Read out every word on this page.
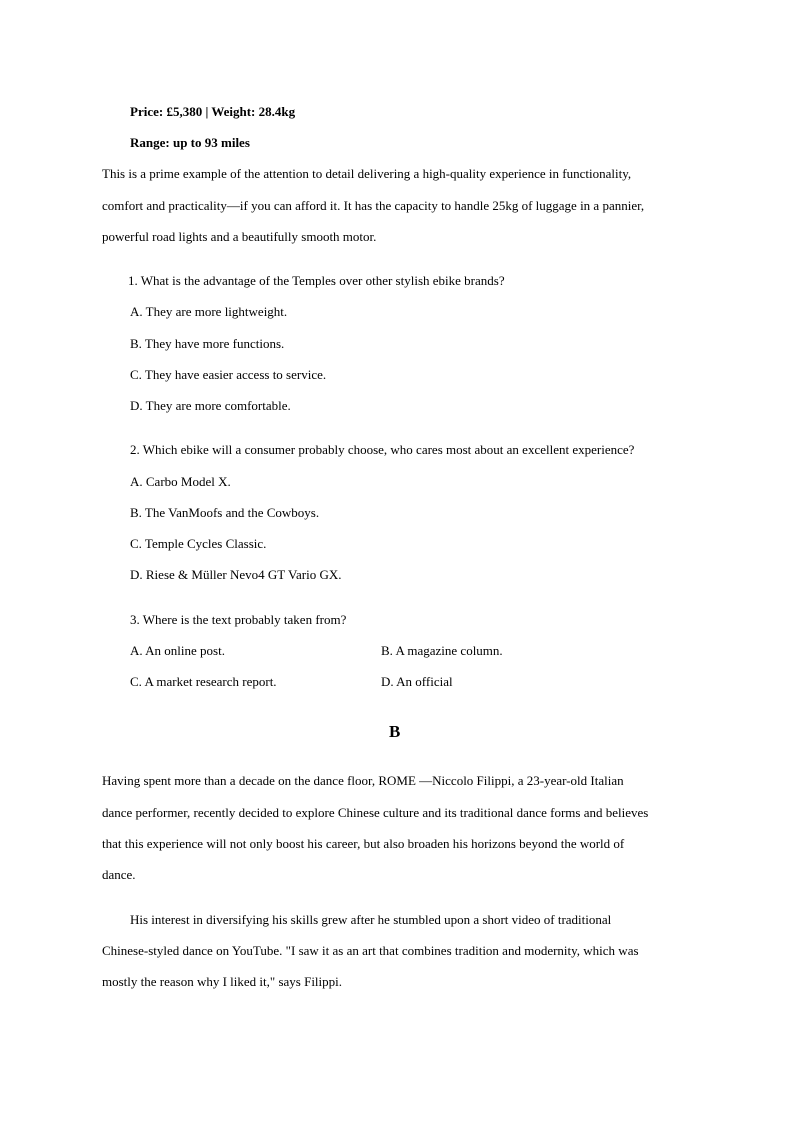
Price: £5,380 | Weight: 28.4kg

Range: up to 93 miles

This is a prime example of the attention to detail delivering a high-quality experience in functionality,

comfort and practicality—if you can afford it. It has the capacity to handle 25kg of luggage in a pannier,

powerful road lights and a beautifully smooth motor.

1. What is the advantage of the Temples over other stylish ebike brands?

A. They are more lightweight.

B. They have more functions.

C. They have easier access to service.

D. They are more comfortable.

2. Which ebike will a consumer probably choose, who cares most about an excellent experience?

A. Carbo Model X.

B. The VanMoofs and the Cowboys.

C. Temple Cycles Classic.

D. Riese & Müller Nevo4 GT Vario GX.

3. Where is the text probably taken from?

A. An online post.	B. A magazine column.

C. A market research report.	D. An official

B

Having spent more than a decade on the dance floor, ROME —Niccolo Filippi, a 23-year-old Italian

dance performer, recently decided to explore Chinese culture and its traditional dance forms and believes

that this experience will not only boost his career, but also broaden his horizons beyond the world of

dance.

His interest in diversifying his skills grew after he stumbled upon a short video of traditional

Chinese-styled dance on YouTube. "I saw it as an art that combines tradition and modernity, which was

mostly the reason why I liked it," says Filippi.
